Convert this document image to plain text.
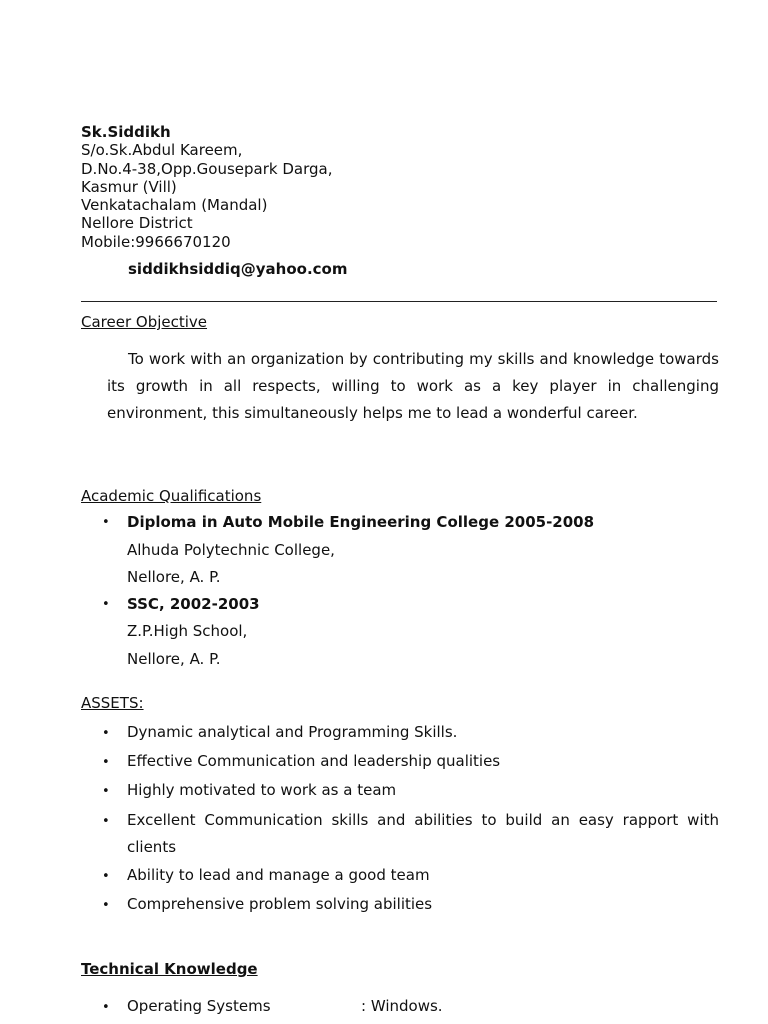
Sk.Siddikh
S/o.Sk.Abdul Kareem,
D.No.4-38,Opp.Gousepark Darga,
Kasmur (Vill)
Venkatachalam (Mandal)
Nellore District
Mobile:9966670120
siddikhsiddiq@yahoo.com
Career Objective
To work with an organization by contributing my skills and knowledge towards its growth in all respects, willing to work as a key player in challenging environment, this simultaneously helps me to lead a wonderful career.
Academic Qualifications
• Diploma in Auto Mobile Engineering College 2005-2008
Alhuda Polytechnic College,
Nellore, A. P.
• SSC, 2002-2003
Z.P.High School,
Nellore, A. P.
ASSETS:
• Dynamic analytical and Programming Skills.
• Effective Communication and leadership qualities
• Highly motivated to work as a team
• Excellent Communication skills and abilities to build an easy rapport with
clients
• Ability to lead and manage a good team
• Comprehensive problem solving abilities
Technical Knowledge
• Operating Systems	: Windows.
